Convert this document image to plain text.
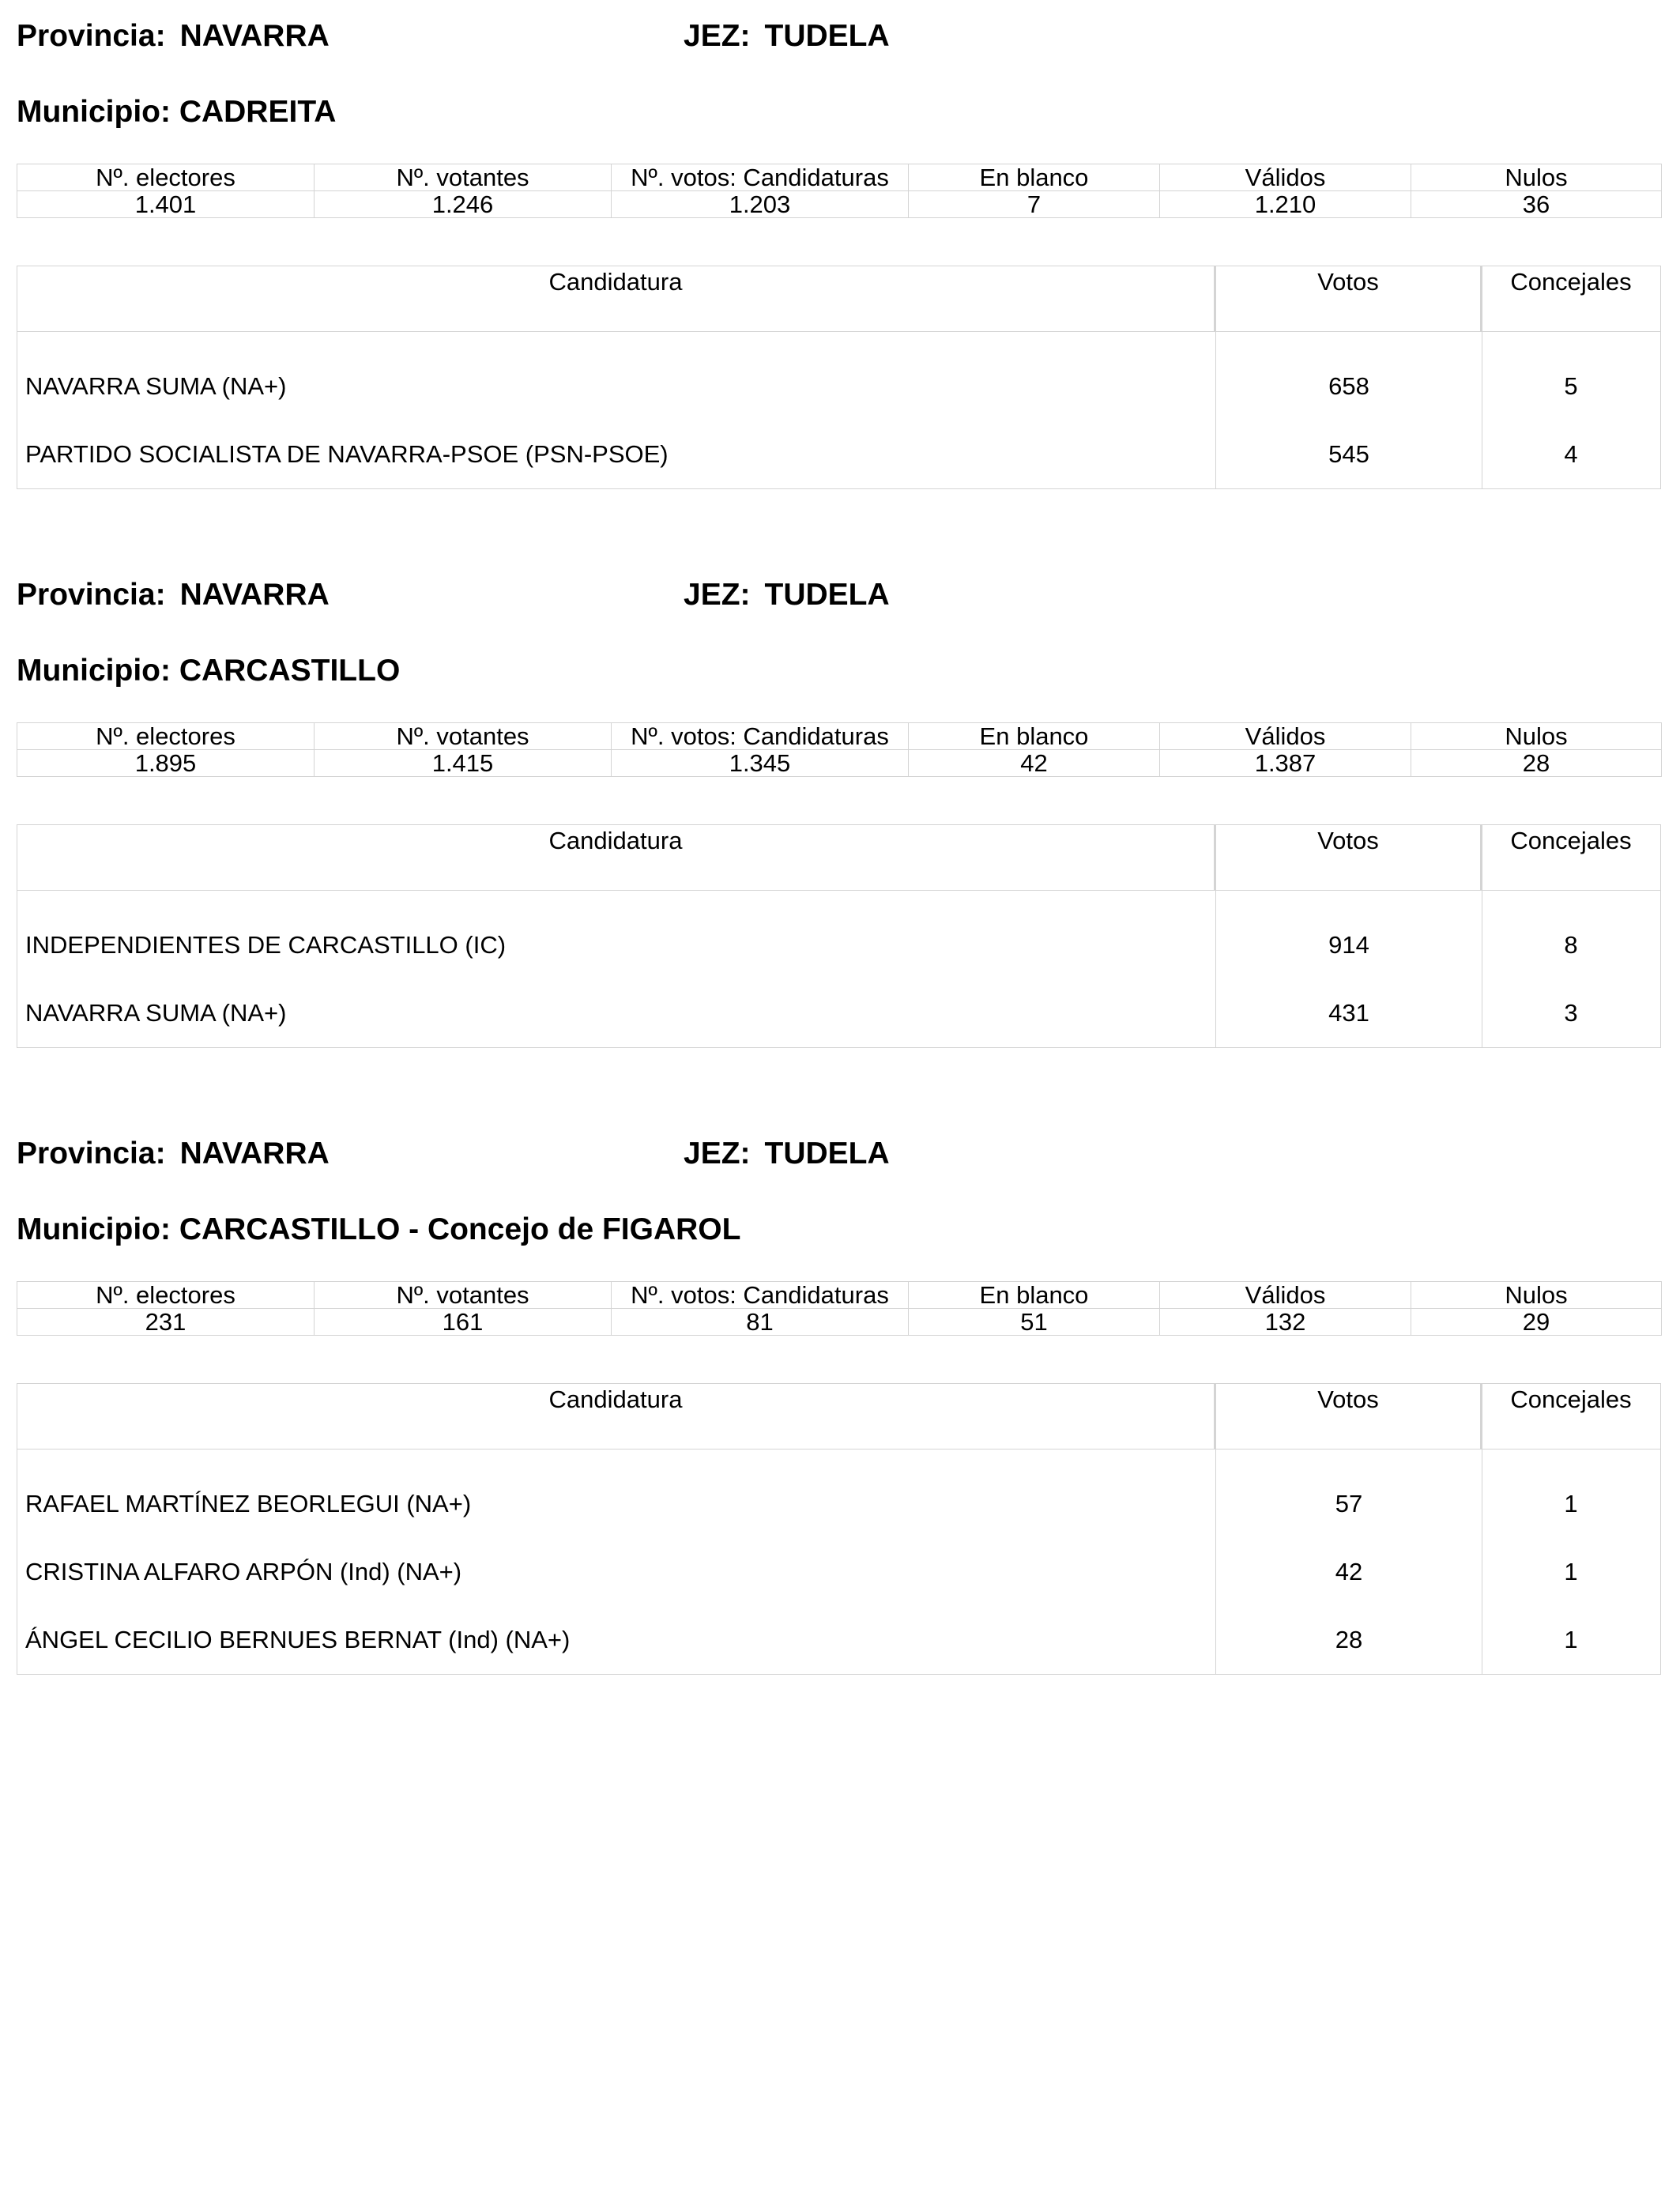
Provincia: NAVARRA	JEZ: TUDELA
Municipio: CADREITA
Nº. electores	Nº. votantes	Nº. votos: Candidaturas	En blanco	Válidos	Nulos
1.401	1.246	1.203	7	1.210	36
Candidatura	Votos	Concejales
NAVARRA SUMA (NA+)	658	5
PARTIDO SOCIALISTA DE NAVARRA-PSOE (PSN-PSOE)	545	4
Provincia: NAVARRA	JEZ: TUDELA
Municipio: CARCASTILLO
Nº. electores	Nº. votantes	Nº. votos: Candidaturas	En blanco	Válidos	Nulos
1.895	1.415	1.345	42	1.387	28
Candidatura	Votos	Concejales
INDEPENDIENTES DE CARCASTILLO (IC)	914	8
NAVARRA SUMA (NA+)	431	3
Provincia: NAVARRA	JEZ: TUDELA
Municipio: CARCASTILLO - Concejo de FIGAROL
Nº. electores	Nº. votantes	Nº. votos: Candidaturas	En blanco	Válidos	Nulos
231	161	81	51	132	29
Candidatura	Votos	Concejales
RAFAEL MARTÍNEZ BEORLEGUI (NA+)	57	1
CRISTINA ALFARO ARPÓN (Ind) (NA+)	42	1
ÁNGEL CECILIO BERNUES BERNAT (Ind) (NA+)	28	1
